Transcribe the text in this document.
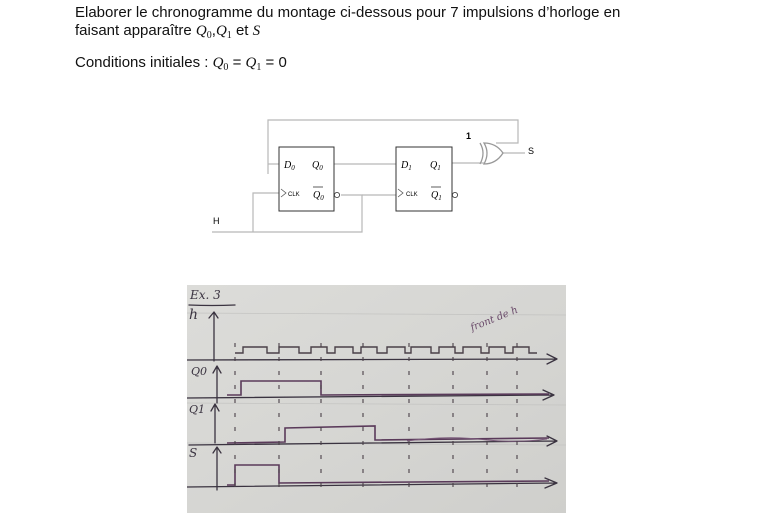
Elaborer le chronogramme du montage ci-dessous pour 7 impulsions d’horloge en
faisant apparaître $Q_0,Q_1$ et S
Conditions initiales : $Q_0 = Q_1 = 0$
$D_0$ $Q_0$
CLK $Q_0$
$D_1$ $Q_1$
CLK $Q_1$
1
S
H
Ex. 3
h
Q0
Q1
S
front de h
